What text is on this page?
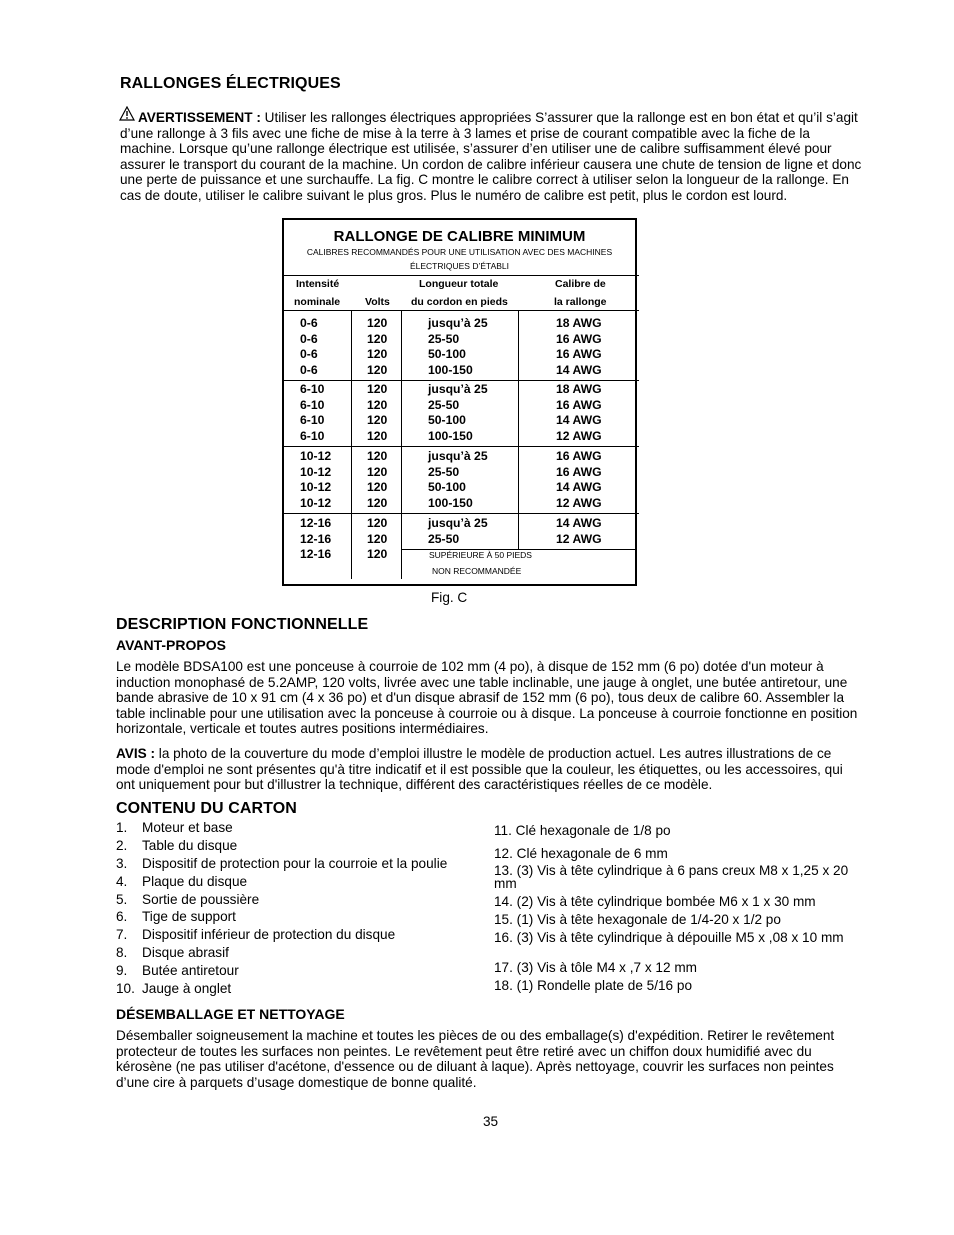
RALLONGES ÉLECTRIQUES

AVERTISSEMENT : Utiliser les rallonges électriques appropriées S’assurer que la rallonge est en bon état et qu’il s’agit d’une rallonge à 3 fils avec une fiche de mise à la terre à 3 lames et prise de courant compatible avec la fiche de la machine. Lorsque qu’une rallonge électrique est utilisée, s’assurer d’en utiliser une de calibre suffisamment élevé pour assurer le transport du courant de la machine. Un cordon de calibre inférieur causera une chute de tension de ligne et donc une perte de puissance et une surchauffe. La fig. C montre le calibre correct à utiliser selon la longueur de la rallonge. En cas de doute, utiliser le calibre suivant le plus gros. Plus le numéro de calibre est petit, plus le cordon est lourd.

RALLONGE DE CALIBRE MINIMUM
CALIBRES RECOMMANDÉS POUR UNE UTILISATION AVEC DES MACHINES
ÉLECTRIQUES D’ÉTABLI
Intensité
nominale Volts
Longueur totale
du cordon en pieds
Calibre de
la rallonge
0-6
0-6
0-6
0-6
120
120
120
120
jusqu’à 25
25-50
50-100
100-150
18 AWG
16 AWG
16 AWG
14 AWG
6-10
6-10
6-10
6-10
120
120
120
120
jusqu’à 25
25-50
50-100
100-150
18 AWG
16 AWG
14 AWG
12 AWG
10-12
10-12
10-12
10-12
120
120
120
120
jusqu’à 25
25-50
50-100
100-150
16 AWG
16 AWG
14 AWG
12 AWG
12-16
12-16
12-16
120
120
120
jusqu’à 25
25-50
14 AWG
12 AWG
SUPÉRIEURE À 50 PIEDS
NON RECOMMANDÉE
Fig. C
DESCRIPTION FONCTIONNELLE
AVANT-PROPOS

Le modèle BDSA100 est une ponceuse à courroie de 102 mm (4 po), à disque de 152 mm (6 po) dotée d'un moteur à induction monophasé de 5.2AMP, 120 volts, livrée avec une table inclinable, une jauge à onglet, une butée antiretour, une bande abrasive de 10 x 91 cm (4 x 36 po) et d'un disque abrasif de 152 mm (6 po), tous deux de calibre 60. Assembler la table inclinable pour une utilisation avec la ponceuse à courroie ou à disque. La ponceuse à courroie fonctionne en position horizontale, verticale et toutes autres positions intermédiaires.

AVIS : la photo de la couverture du mode d’emploi illustre le modèle de production actuel. Les autres illustrations de ce mode d'emploi ne sont présentes qu'à titre indicatif et il est possible que la couleur, les étiquettes, ou les accessoires, qui ont uniquement pour but d'illustrer la technique, différent des caractéristiques réelles de ce modèle.

CONTENU DU CARTON
1. Moteur et base
2. Table du disque
3. Dispositif de protection pour la courroie et la poulie
4. Plaque du disque
5. Sortie de poussière
6. Tige de support
7. Dispositif inférieur de protection du disque
8. Disque abrasif
9. Butée antiretour
10. Jauge à onglet
11. Clé hexagonale de 1/8 po
12. Clé hexagonale de 6 mm
13. (3) Vis à tête cylindrique à 6 pans creux M8 x 1,25 x 20 mm
14. (2) Vis à tête cylindrique bombée M6 x 1 x 30 mm
15. (1) Vis à tête hexagonale de 1/4-20 x 1/2 po
16. (3) Vis à tête cylindrique à dépouille M5 x ,08 x 10 mm
17. (3) Vis à tôle M4 x ,7 x 12 mm
18. (1) Rondelle plate de 5/16 po
DÉSEMBALLAGE ET NETTOYAGE

Désemballer soigneusement la machine et toutes les pièces de ou des emballage(s) d'expédition. Retirer le revêtement protecteur de toutes les surfaces non peintes. Le revêtement peut être retiré avec un chiffon doux humidifié avec du kérosène (ne pas utiliser d'acétone, d'essence ou de diluant à laque). Après nettoyage, couvrir les surfaces non peintes d’une cire à parquets d’usage domestique de bonne qualité.

35
